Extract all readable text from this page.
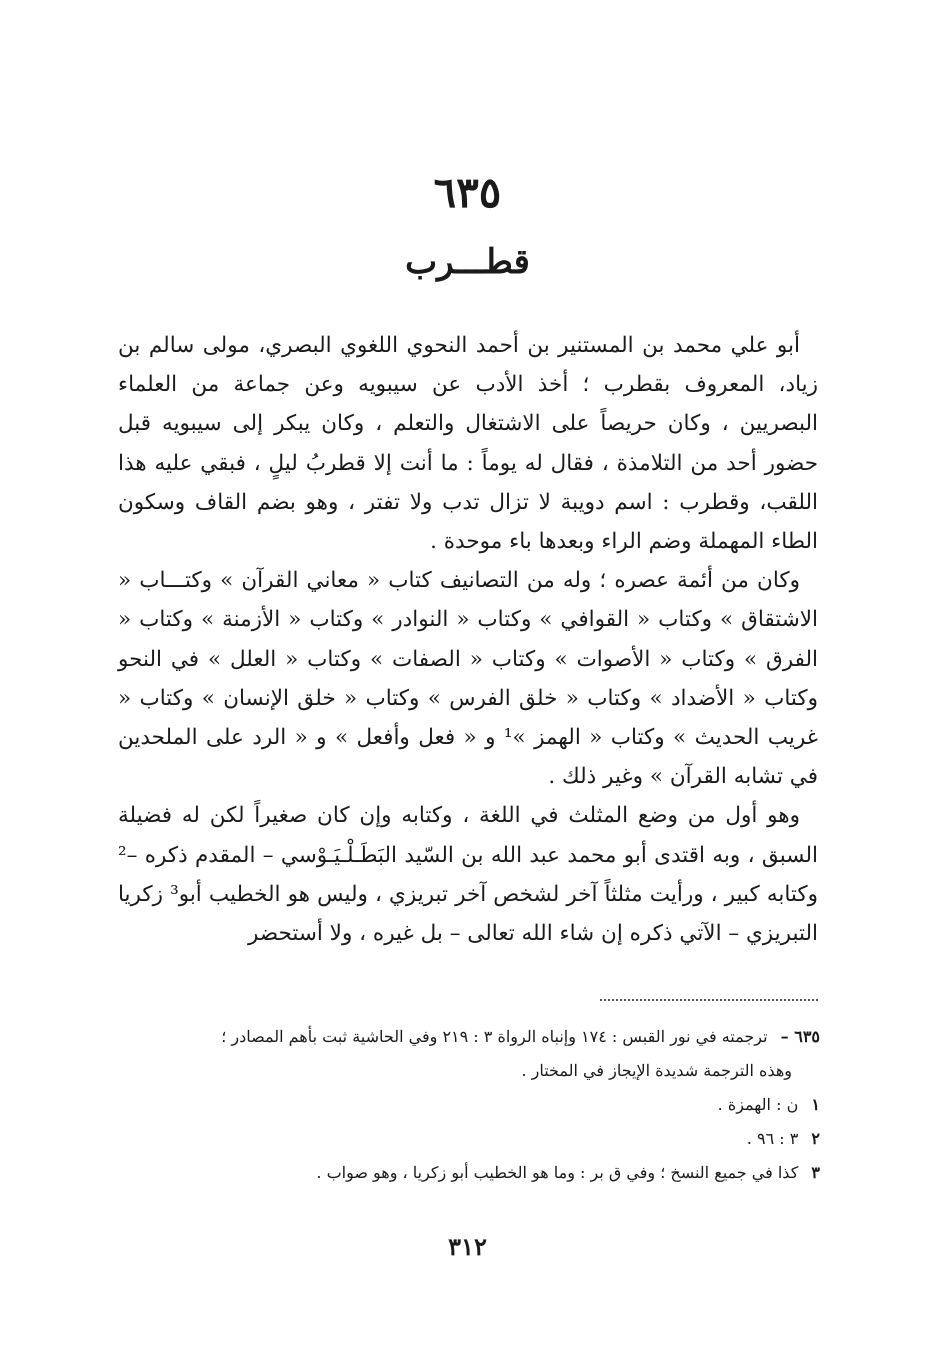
٦٣٥
قطـــرب

أبو علي محمد بن المستنير بن أحمد النحوي اللغوي البصري، مولى سالم بن زياد، المعروف بقطرب ؛ أخذ الأدب عن سيبويه وعن جماعة من العلماء البصريين ، وكان حريصاً على الاشتغال والتعلم ، وكان يبكر إلى سيبويه قبل حضور أحد من التلامذة ، فقال له يوماً : ما أنت إلا قطربُ ليلٍ ، فبقي عليه هذا اللقب، وقطرب : اسم دويبة لا تزال تدب ولا تفتر ، وهو بضم القاف وسكون الطاء المهملة وضم الراء وبعدها باء موحدة .

وكان من أئمة عصره ؛ وله من التصانيف كتاب « معاني القرآن » وكتـــاب « الاشتقاق » وكتاب « القوافي » وكتاب « النوادر » وكتاب « الأزمنة » وكتاب « الفرق » وكتاب « الأصوات » وكتاب « الصفات » وكتاب « العلل » في النحو وكتاب « الأضداد » وكتاب « خلق الفرس » وكتاب « خلق الإنسان » وكتاب « غريب الحديث » وكتاب « الهمز »¹ و « فعل وأفعل » و « الرد على الملحدين في تشابه القرآن » وغير ذلك .

وهو أول من وضع المثلث في اللغة ، وكتابه وإن كان صغيراً لكن له فضيلة السبق ، وبه اقتدى أبو محمد عبد الله بن السّيد البَطَـلْـيَـوْسي – المقدم ذكره –² وكتابه كبير ، ورأيت مثلثاً آخر لشخص آخر تبريزي ، وليس هو الخطيب أبو³ زكريا التبريزي – الآتي ذكره إن شاء الله تعالى – بل غيره ، ولا أستحضر

٦٣٥ – ترجمته في نور القبس : ١٧٤ وإنباه الرواة ٣ : ٢١٩ وفي الحاشية ثبت بأهم المصادر ؛
وهذه الترجمة شديدة الإيجاز في المختار .
١ ن : الهمزة .
٢ ٣ : ٩٦ .
٣ كذا في جميع النسخ ؛ وفي ق بر : وما هو الخطيب أبو زكريا ، وهو صواب .
٣١٢
